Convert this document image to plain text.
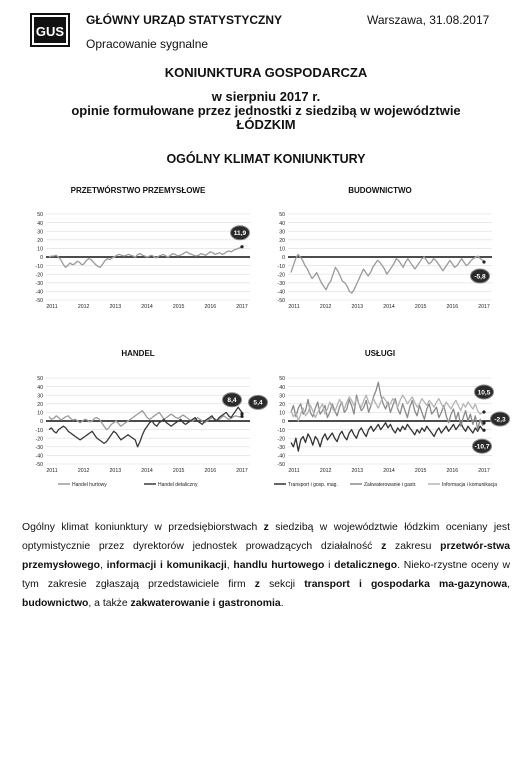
GUS
GŁÓWNY URZĄD STATYSTYCZNY	Warszawa, 31.08.2017
Opracowanie sygnalne
KONIUNKTURA GOSPODARCZA
w sierpniu 2017 r.
opinie formułowane przez jednostki z siedzibą w województwie
ŁÓDZKIM
OGÓLNY KLIMAT KONIUNKTURY
PRZETWÓRSTWO PRZEMYSŁOWE	BUDOWNICTWO
HANDEL	USŁUGI
50
40
30
20
10
0
-10
-20
-30
-40
-50
2011	2012	2013	2014	2015	2016	2017
11,9
50
40
30
20
10
0
-10
-20
-30
-40
-50
2011	2012	2013	2014	2015	2016	2017
-5,8
50
40
30
20
10
0
-10
-20
-30
-40
-50
2011	2012	2013	2014	2015	2016	2017
8,4	5,4
Handel hurtowy	Handel detaliczny
50
40
30
20
10
0
-10
-20
-30
-40
-50
2011	2012	2013	2014	2015	2016	2017
10,5
-2,3
-10,7
Transport i gosp. mag.	Zakwaterowanie i gastr.	Informacja i komunikacja
Ogólny klimat koniunktury w przedsiębiorstwach z siedzibą w województwie łódzkim oceniany jest optymistycznie przez dyrektorów jednostek prowadzących działalność z zakresu przetwór-stwa przemysłowego, informacji i komunikacji, handlu hurtowego i detalicznego. Nieko-rzystne oceny w tym zakresie zgłaszają przedstawiciele firm z sekcji transport i gospodarka ma-gazynowa, budownictwo, a także zakwaterowanie i gastronomia.
